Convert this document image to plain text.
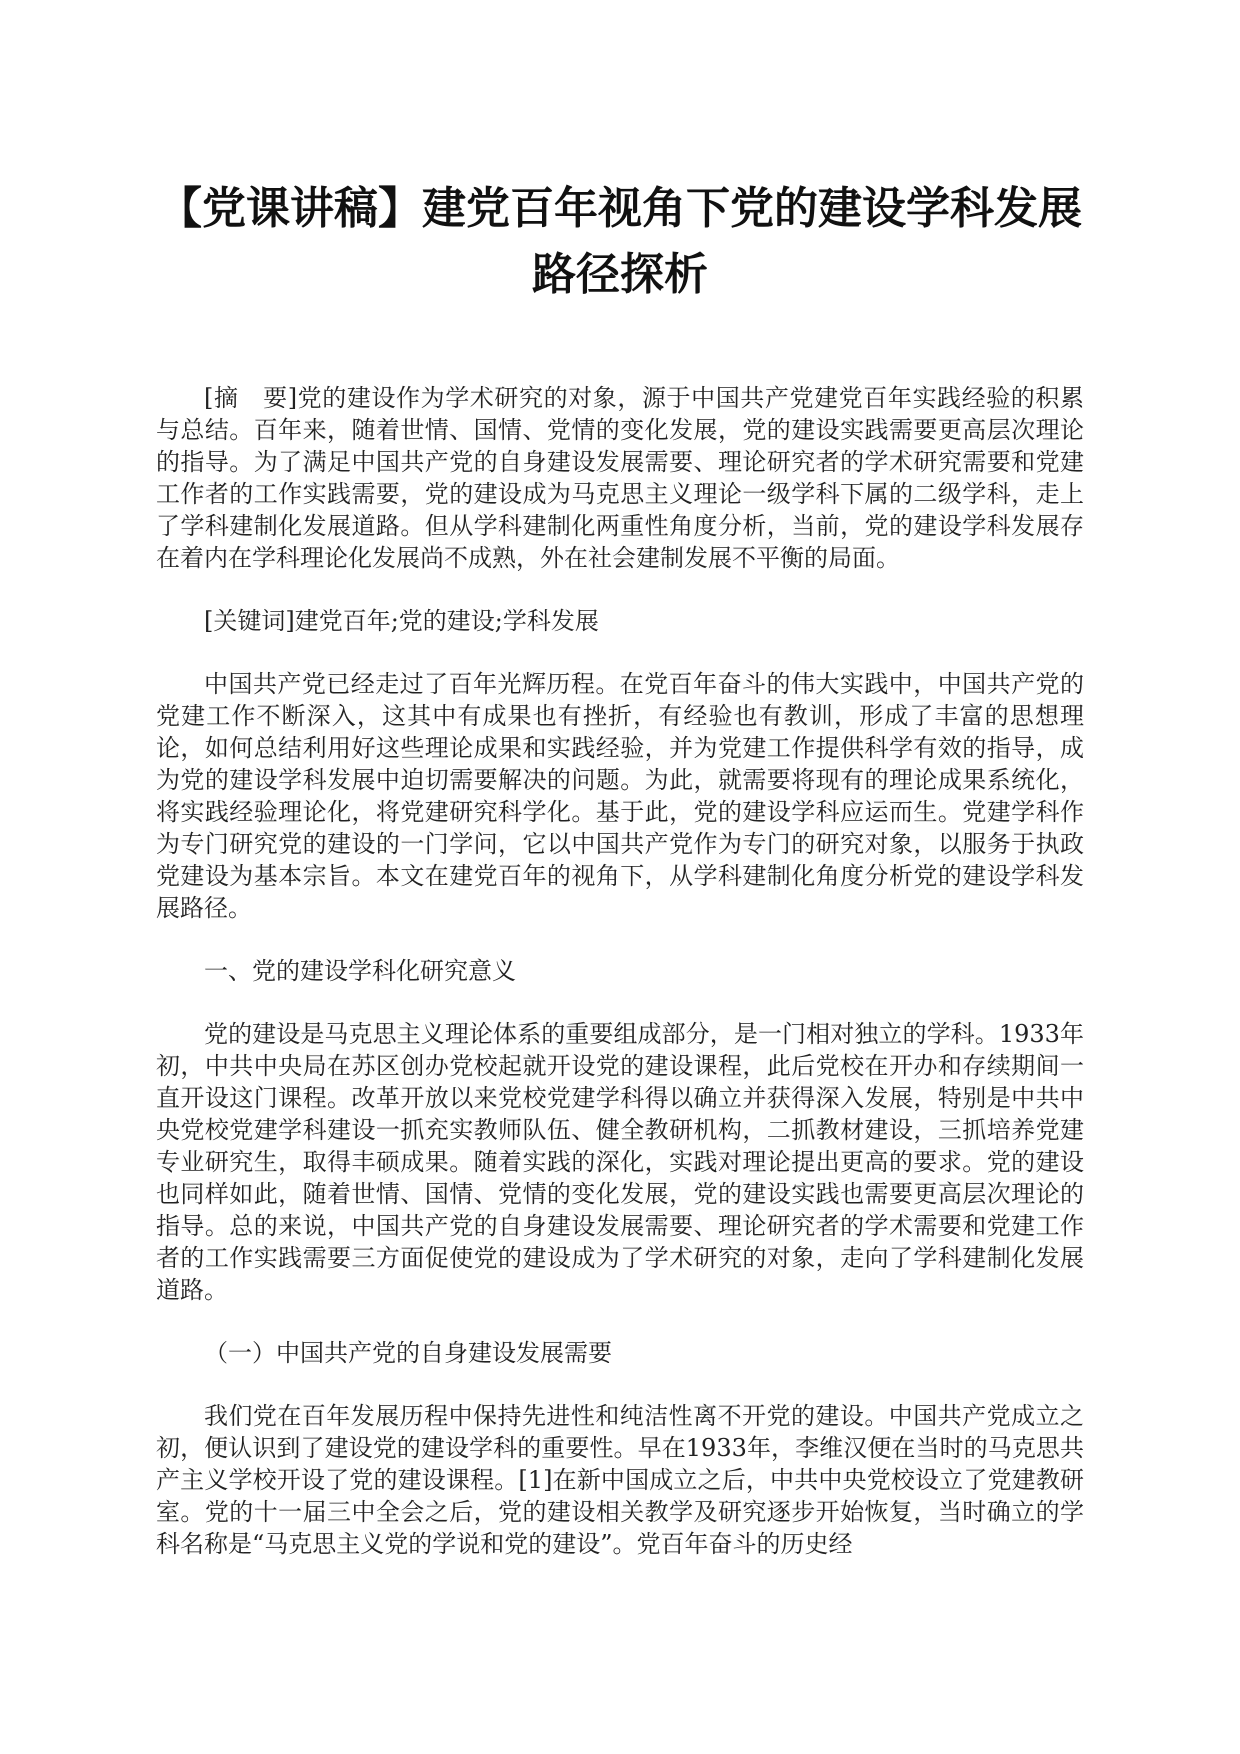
【党课讲稿】建党百年视角下党的建设学科发展路径探析

[摘　要]党的建设作为学术研究的对象，源于中国共产党建党百年实践经验的积累与总结。百年来，随着世情、国情、党情的变化发展，党的建设实践需要更高层次理论的指导。为了满足中国共产党的自身建设发展需要、理论研究者的学术研究需要和党建工作者的工作实践需要，党的建设成为马克思主义理论一级学科下属的二级学科，走上了学科建制化发展道路。但从学科建制化两重性角度分析，当前，党的建设学科发展存在着内在学科理论化发展尚不成熟，外在社会建制发展不平衡的局面。

[关键词]建党百年;党的建设;学科发展

中国共产党已经走过了百年光辉历程。在党百年奋斗的伟大实践中，中国共产党的党建工作不断深入，这其中有成果也有挫折，有经验也有教训，形成了丰富的思想理论，如何总结利用好这些理论成果和实践经验，并为党建工作提供科学有效的指导，成为党的建设学科发展中迫切需要解决的问题。为此，就需要将现有的理论成果系统化，将实践经验理论化，将党建研究科学化。基于此，党的建设学科应运而生。党建学科作为专门研究党的建设的一门学问，它以中国共产党作为专门的研究对象，以服务于执政党建设为基本宗旨。本文在建党百年的视角下，从学科建制化角度分析党的建设学科发展路径。

一、党的建设学科化研究意义

党的建设是马克思主义理论体系的重要组成部分，是一门相对独立的学科。1933年初，中共中央局在苏区创办党校起就开设党的建设课程，此后党校在开办和存续期间一直开设这门课程。改革开放以来党校党建学科得以确立并获得深入发展，特别是中共中央党校党建学科建设一抓充实教师队伍、健全教研机构，二抓教材建设，三抓培养党建专业研究生，取得丰硕成果。随着实践的深化，实践对理论提出更高的要求。党的建设也同样如此，随着世情、国情、党情的变化发展，党的建设实践也需要更高层次理论的指导。总的来说，中国共产党的自身建设发展需要、理论研究者的学术需要和党建工作者的工作实践需要三方面促使党的建设成为了学术研究的对象，走向了学科建制化发展道路。

（一）中国共产党的自身建设发展需要

我们党在百年发展历程中保持先进性和纯洁性离不开党的建设。中国共产党成立之初，便认识到了建设党的建设学科的重要性。早在1933年，李维汉便在当时的马克思共产主义学校开设了党的建设课程。[1]在新中国成立之后，中共中央党校设立了党建教研室。党的十一届三中全会之后，党的建设相关教学及研究逐步开始恢复，当时确立的学科名称是“马克思主义党的学说和党的建设”。党百年奋斗的历史经
